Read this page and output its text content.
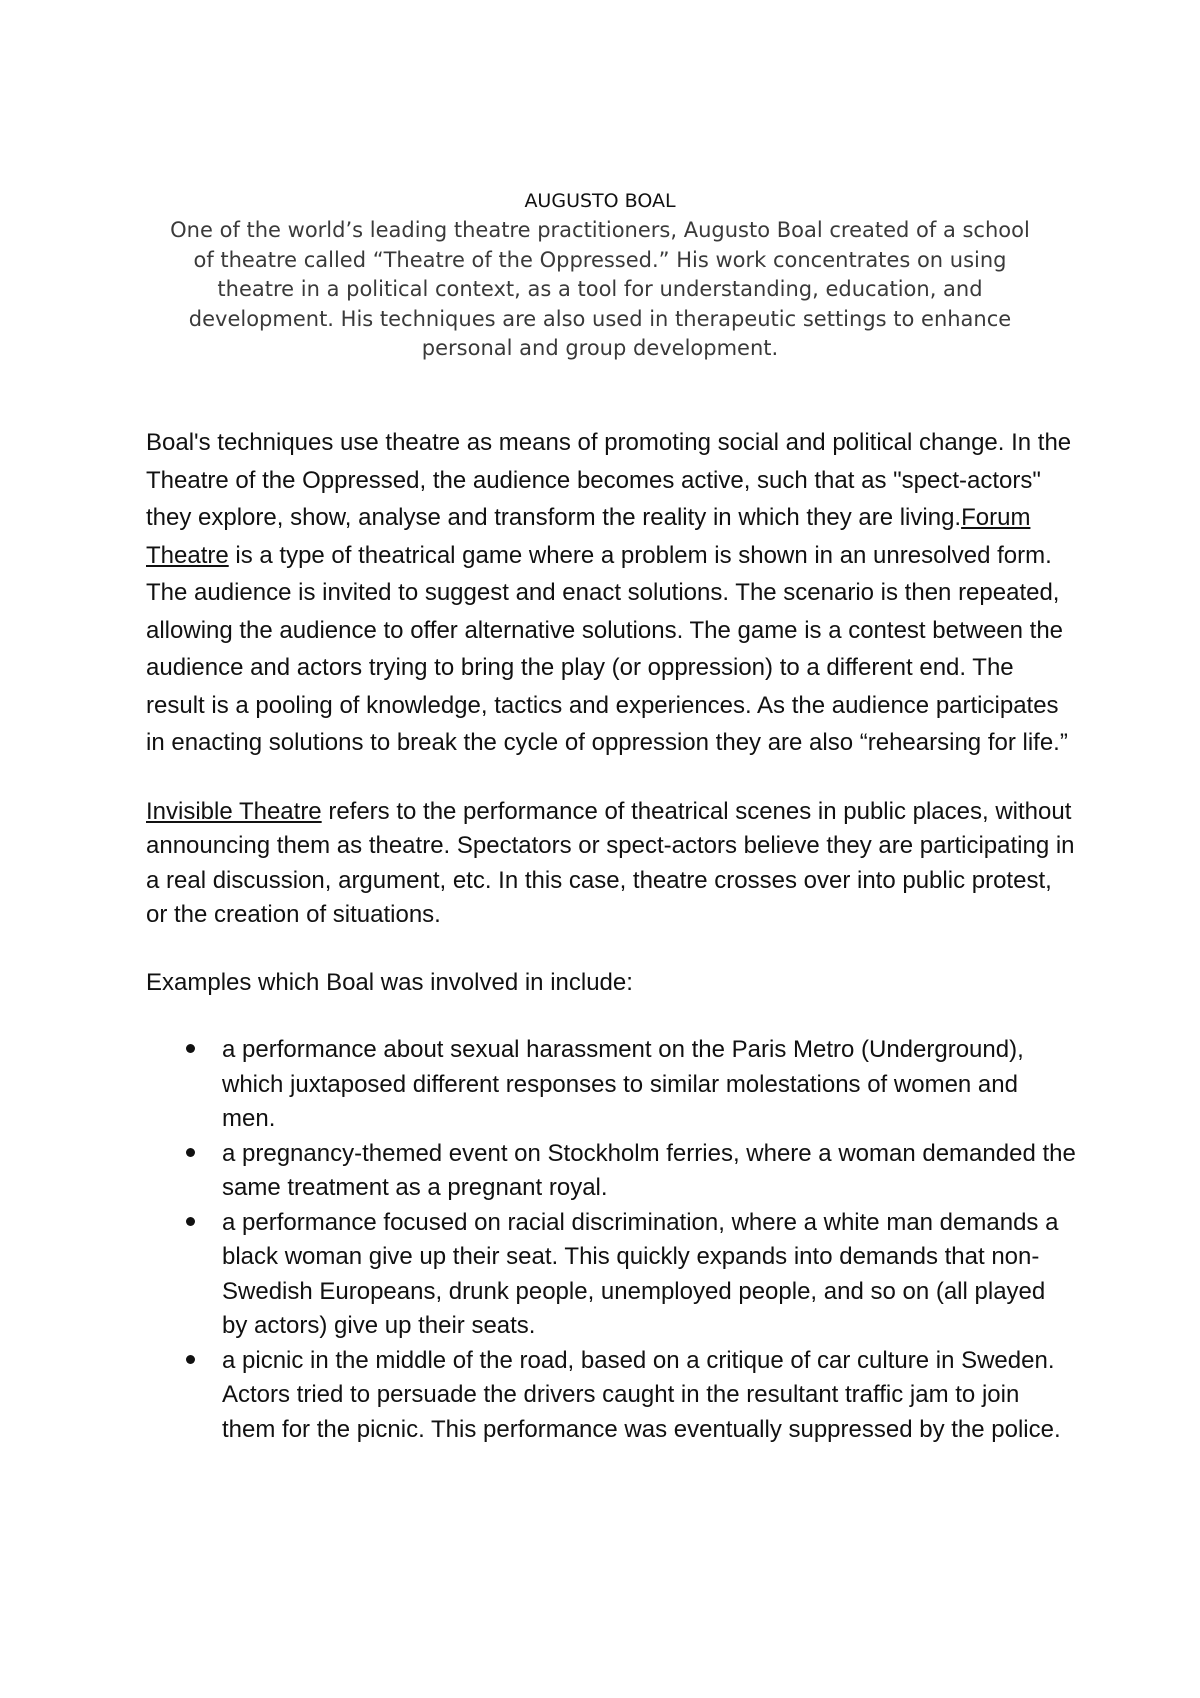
AUGUSTO BOAL

One of the world’s leading theatre practitioners, Augusto Boal created of a school
of theatre called “Theatre of the Oppressed.” His work concentrates on using
theatre in a political context, as a tool for understanding, education, and
development. His techniques are also used in therapeutic settings to enhance
personal and group development.

Boal's techniques use theatre as means of promoting social and political change. In the Theatre of the Oppressed, the audience becomes active, such that as "spect-actors" they explore, show, analyse and transform the reality in which they are living.Forum Theatre is a type of theatrical game where a problem is shown in an unresolved form. The audience is invited to suggest and enact solutions. The scenario is then repeated, allowing the audience to offer alternative solutions. The game is a contest between the audience and actors trying to bring the play (or oppression) to a different end. The result is a pooling of knowledge, tactics and experiences. As the audience participates in enacting solutions to break the cycle of oppression they are also “rehearsing for life.”

Invisible Theatre refers to the performance of theatrical scenes in public places, without announcing them as theatre. Spectators or spect-actors believe they are participating in a real discussion, argument, etc. In this case, theatre crosses over into public protest, or the creation of situations.

Examples which Boal was involved in include:

a performance about sexual harassment on the Paris Metro (Underground), which juxtaposed different responses to similar molestations of women and men.
a pregnancy-themed event on Stockholm ferries, where a woman demanded the same treatment as a pregnant royal.
a performance focused on racial discrimination, where a white man demands a black woman give up their seat. This quickly expands into demands that non-Swedish Europeans, drunk people, unemployed people, and so on (all played by actors) give up their seats.
a picnic in the middle of the road, based on a critique of car culture in Sweden. Actors tried to persuade the drivers caught in the resultant traffic jam to join them for the picnic. This performance was eventually suppressed by the police.
